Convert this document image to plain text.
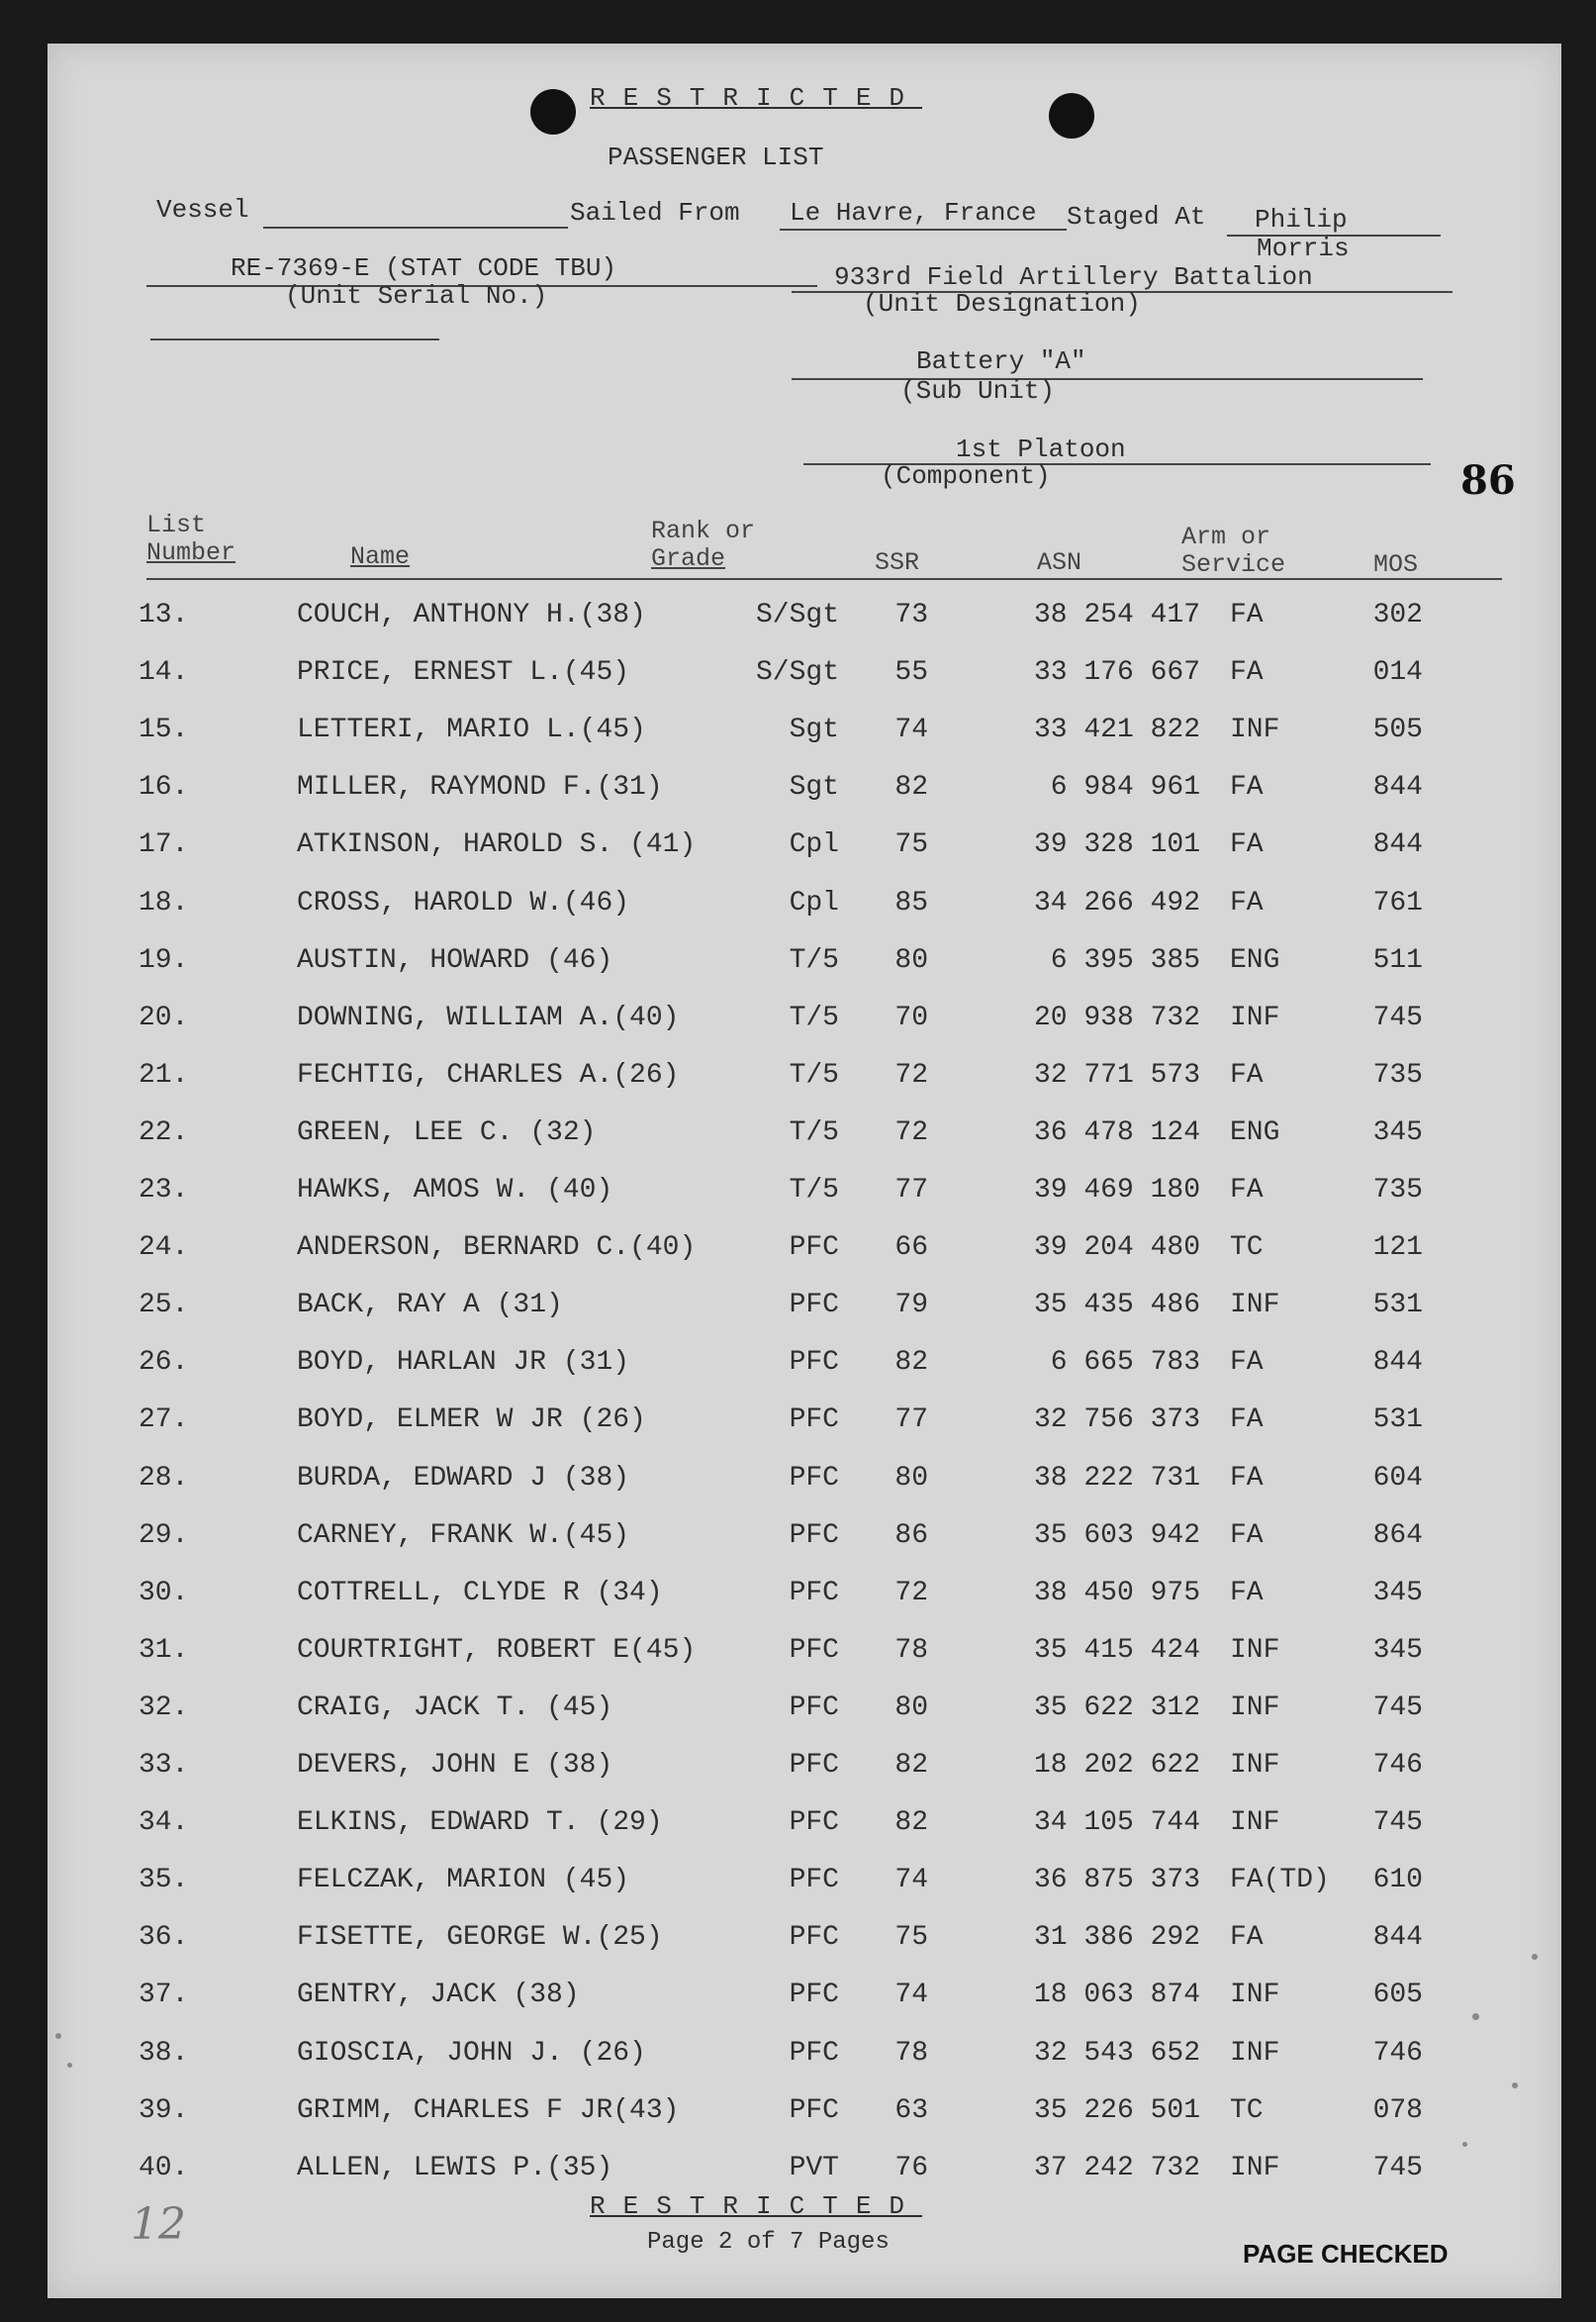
RESTRICTED
PASSENGER LIST
Vessel	Sailed From Le Havre, France Staged At Philip
Morris
RE-7369-E (STAT CODE TBU)
(Unit Serial No.)
933rd Field Artillery Battalion
(Unit Designation)
Battery "A"
(Sub Unit)
1st Platoon
(Component)	86
List
Number	Name
Rank or
Grade	SSR	ASN
Arm or
Service	MOS
13.	COUCH, ANTHONY H.(38)	S/Sgt	73	38 254 417 FA	302
14.	PRICE, ERNEST L.(45)	S/Sgt	55	33 176 667 FA	014
15.	LETTERI, MARIO L.(45)	Sgt	74	33 421 822 INF	505
16.	MILLER, RAYMOND F.(31)	Sgt	82	6 984 961 FA	844
17.	ATKINSON, HAROLD S. (41)	Cpl	75	39 328 101 FA	844
18.	CROSS, HAROLD W.(46)	Cpl	85	34 266 492 FA	761
19.	AUSTIN, HOWARD (46)	T/5	80	6 395 385 ENG	511
20.	DOWNING, WILLIAM A.(40)	T/5	70	20 938 732 INF	745
21.	FECHTIG, CHARLES A.(26)	T/5	72	32 771 573 FA	735
22.	GREEN, LEE C. (32)	T/5	72	36 478 124 ENG	345
23.	HAWKS, AMOS W. (40)	T/5	77	39 469 180 FA	735
24.	ANDERSON, BERNARD C.(40)	PFC	66	39 204 480 TC	121
25.	BACK, RAY A (31)	PFC	79	35 435 486 INF	531
26.	BOYD, HARLAN JR (31)	PFC	82	6 665 783 FA	844
27.	BOYD, ELMER W JR (26)	PFC	77	32 756 373 FA	531
28.	BURDA, EDWARD J (38)	PFC	80	38 222 731 FA	604
29.	CARNEY, FRANK W.(45)	PFC	86	35 603 942 FA	864
30.	COTTRELL, CLYDE R (34)	PFC	72	38 450 975 FA	345
31.	COURTRIGHT, ROBERT E(45)	PFC	78	35 415 424 INF	345
32.	CRAIG, JACK T. (45)	PFC	80	35 622 312 INF	745
33.	DEVERS, JOHN E (38)	PFC	82	18 202 622 INF	746
34.	ELKINS, EDWARD T. (29)	PFC	82	34 105 744 INF	745
35.	FELCZAK, MARION (45)	PFC	74	36 875 373 FA(TD)	610
36.	FISETTE, GEORGE W.(25)	PFC	75	31 386 292 FA	844
37.	GENTRY, JACK (38)	PFC	74	18 063 874 INF	605
38.	GIOSCIA, JOHN J. (26)	PFC	78	32 543 652 INF	746
39.	GRIMM, CHARLES F JR(43)	PFC	63	35 226 501 TC	078
40.	ALLEN, LEWIS P.(35)	PVT	76	37 242 732 INF	745
RESTRICTED
Page 2 of 7 Pages	PAGE CHECKED
12
